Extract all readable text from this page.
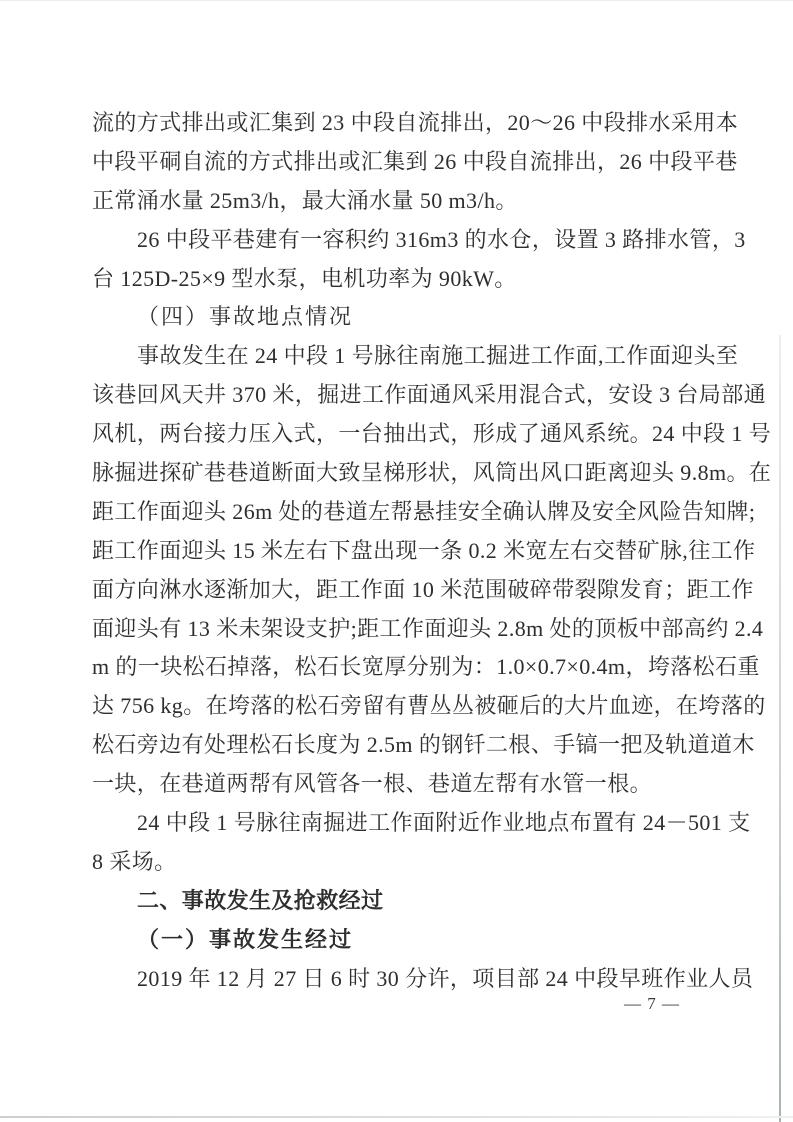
流的方式排出或汇集到 23 中段自流排出，20～26 中段排水采用本
中段平硐自流的方式排出或汇集到 26 中段自流排出，26 中段平巷
正常涌水量 25m3/h，最大涌水量 50 m3/h。
26 中段平巷建有一容积约 316m3 的水仓，设置 3 路排水管，3
台 125D-25×9 型水泵，电机功率为 90kW。
（四）事故地点情况
事故发生在 24 中段 1 号脉往南施工掘进工作面,工作面迎头至
该巷回风天井 370 米，掘进工作面通风采用混合式，安设 3 台局部通
风机，两台接力压入式，一台抽出式，形成了通风系统。24 中段 1 号
脉掘进探矿巷巷道断面大致呈梯形状，风筒出风口距离迎头 9.8m。在
距工作面迎头 26m 处的巷道左帮悬挂安全确认牌及安全风险告知牌;
距工作面迎头 15 米左右下盘出现一条 0.2 米宽左右交替矿脉,往工作
面方向淋水逐渐加大，距工作面 10 米范围破碎带裂隙发育；距工作
面迎头有 13 米未架设支护;距工作面迎头 2.8m 处的顶板中部高约 2.4
m 的一块松石掉落，松石长宽厚分别为：1.0×0.7×0.4m，垮落松石重
达 756 kg。在垮落的松石旁留有曹丛丛被砸后的大片血迹，在垮落的
松石旁边有处理松石长度为 2.5m 的钢钎二根、手镐一把及轨道道木
一块，在巷道两帮有风管各一根、巷道左帮有水管一根。
24 中段 1 号脉往南掘进工作面附近作业地点布置有 24－501 支
8 采场。
二、事故发生及抢救经过
（一）事故发生经过
2019 年 12 月 27 日 6 时 30 分许，项目部 24 中段早班作业人员
— 7 —
